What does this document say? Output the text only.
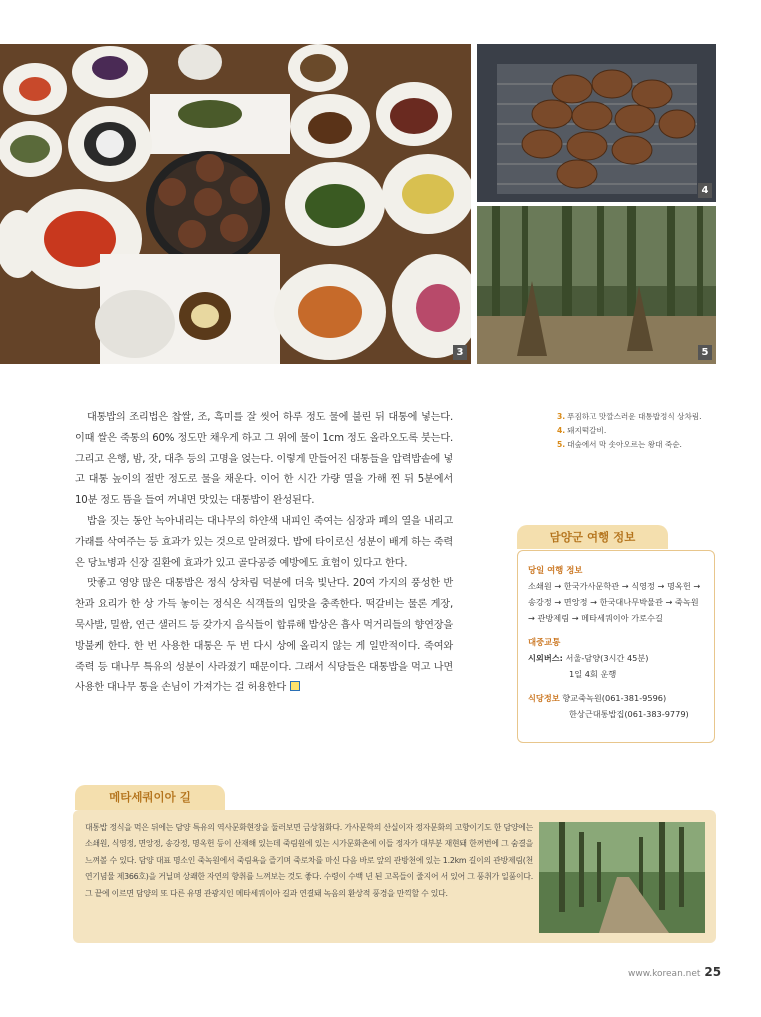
3
4
5

대통밥의 조리법은 찹쌀, 조, 흑미를 잘 씻어 하루 정도 물에 불린 뒤 대통에 넣는다. 이때 쌀은 죽통의 60% 정도만 채우게 하고 그 위에 물이 1cm 정도 올라오도록 붓는다. 그리고 은행, 밤, 잣, 대추 등의 고명을 얹는다. 이렇게 만들어진 대통들을 압력밥솥에 넣고 대통 높이의 절반 정도로 물을 채운다. 이어 한 시간 가량 열을 가해 찐 뒤 5분에서 10분 정도 뜸을 들여 꺼내면 맛있는 대통밥이 완성된다.

밥을 짓는 동안 녹아내리는 대나무의 하얀색 내피인 죽여는 심장과 폐의 열을 내리고 가래를 삭여주는 등 효과가 있는 것으로 알려졌다. 밥에 타이로신 성분이 배게 하는 죽력은 당뇨병과 신장 질환에 효과가 있고 골다공증 예방에도 효험이 있다고 한다.

맛좋고 영양 많은 대통밥은 정식 상차림 덕분에 더욱 빛난다. 20여 가지의 풍성한 반찬과 요리가 한 상 가득 놓이는 정식은 식객들의 입맛을 충족한다. 떡갈비는 물론 게장, 묵사발, 밀쌈, 연근 샐러드 등 갖가지 음식들이 합류해 밥상은 흡사 먹거리들의 향연장을 방불케 한다. 한 번 사용한 대통은 두 번 다시 상에 올리지 않는 게 일반적이다. 죽여와 죽력 등 대나무 특유의 성분이 사라졌기 때문이다. 그래서 식당들은 대통밥을 먹고 나면 사용한 대나무 통을 손님이 가져가는 걸 허용한다

3. 푸짐하고 맛깔스러운 대통밥정식 상차림.
4. 돼지떡갈비.
5. 대숲에서 막 솟아오르는 왕대 죽순.
담양군 여행 정보
당일 여행 정보
소쇄원 → 한국가사문학관 → 식영정 → 명옥헌 → 송강정 → 면앙정 → 한국대나무박물관 → 죽녹원 → 관방제림 → 메타세쿼이아 가로수길
대중교통
시외버스:
서울-담양(3시간 45분)
1일 4회 운행
식당정보
향교죽녹원(061-381-9596)
한상근대통밥집(061-383-9779)
메타세쿼이아 길
대통밥 정식을 먹은 뒤에는 담양 특유의 역사문화현장을 둘러보면 금상첨화다. 가사문학의 산실이자 정자문화의 고향이기도 한 담양에는 소쇄원, 식영정, 면앙정, 송강정, 명옥헌 등이 산재해 있는데 죽림원에 있는 시가문화촌에 이들 정자가 대부분 재현돼 한꺼번에 그 숨결을 느껴볼 수 있다. 담양 대표 명소인 죽녹원에서 죽림욕을 즐기며 죽로차를 마신 다음 바로 앞의 관방천에 있는 1.2km 길이의 관방제림(천연기념물 제366호)을 거닐며 상쾌한 자연의 향취를 느껴보는 것도 좋다. 수령이 수백 년 된 고목들이 줄지어 서 있어 그 풍취가 일품이다. 그 끝에 이르면 담양의 또 다른 유명 관광지인 메타세쿼이아 길과 연결돼 녹음의 환상적 풍경을 만끽할 수 있다.
www.korean.net 25
